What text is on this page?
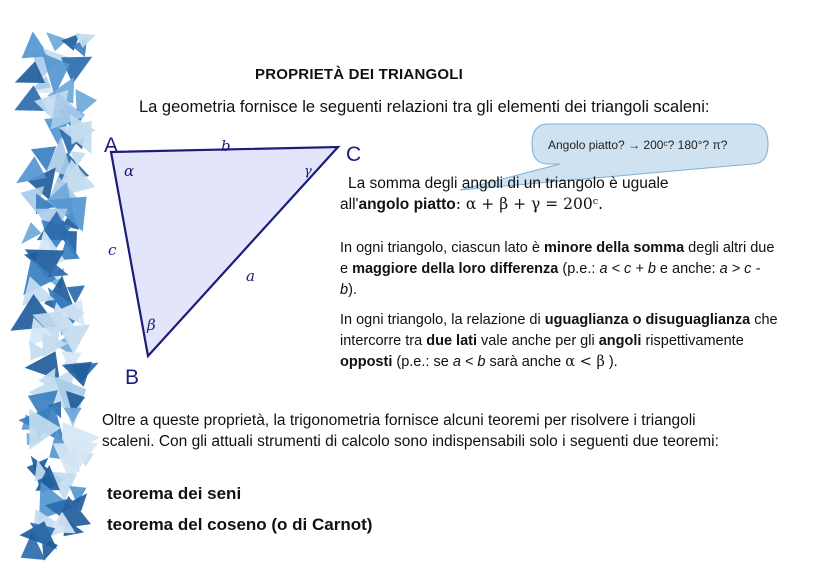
PROPRIETÀ DEI TRIANGOLI
La geometria fornisce le seguenti relazioni tra gli elementi dei triangoli scaleni:
A
B
C
b
c
a
α
β
γ
Angolo piatto? → 200ᶜ? 180°? π?
La somma degli angoli di un triangolo è uguale
all'angolo piatto: α + β + γ = 200ᶜ.
In ogni triangolo, ciascun lato è minore della somma degli altri due e maggiore della loro differenza (p.e.: a < c + b e anche: a > c - b).
In ogni triangolo, la relazione di uguaglianza o disuguaglianza che intercorre tra due lati vale anche per gli angoli rispettivamente opposti (p.e.: se a < b sarà anche α < β ).
Oltre a queste proprietà, la trigonometria fornisce alcuni teoremi per risolvere i triangoli scaleni. Con gli attuali strumenti di calcolo sono indispensabili solo i seguenti due teoremi:
teorema dei seni
teorema del coseno (o di Carnot)
